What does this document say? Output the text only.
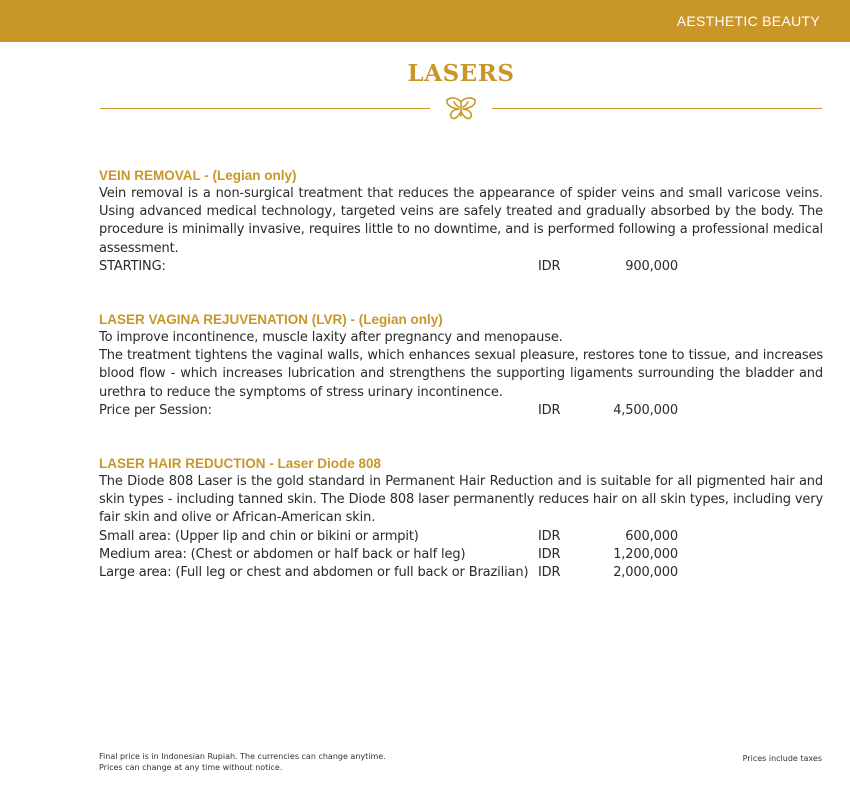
AESTHETIC BEAUTY
LASERS
VEIN REMOVAL - (Legian only)

Vein removal is a non-surgical treatment that reduces the appearance of spider veins and small varicose veins. Using advanced medical technology, targeted veins are safely treated and gradually absorbed by the body. The procedure is minimally invasive, requires little to no downtime, and is performed following a professional medical assessment.

STARTING:	IDR	900,000
LASER VAGINA REJUVENATION (LVR) - (Legian only)

To improve incontinence, muscle laxity after pregnancy and menopause.

The treatment tightens the vaginal walls, which enhances sexual pleasure, restores tone to tissue, and increases blood flow - which increases lubrication and strengthens the supporting ligaments surrounding the bladder and urethra to reduce the symptoms of stress urinary incontinence.

Price per Session:	IDR	4,500,000
LASER HAIR REDUCTION - Laser Diode 808

The Diode 808 Laser is the gold standard in Permanent Hair Reduction and is suitable for all pigmented hair and skin types - including tanned skin. The Diode 808 laser permanently reduces hair on all skin types, including very fair skin and olive or African-American skin.

Small area: (Upper lip and chin or bikini or armpit)	IDR	600,000
Medium area: (Chest or abdomen or half back or half leg)	IDR	1,200,000
Large area: (Full leg or chest and abdomen or full back or Brazilian) IDR	2,000,000
Final price is in Indonesian Rupiah. The currencies can change anytime.
Prices can change at any time without notice.
Prices include taxes
